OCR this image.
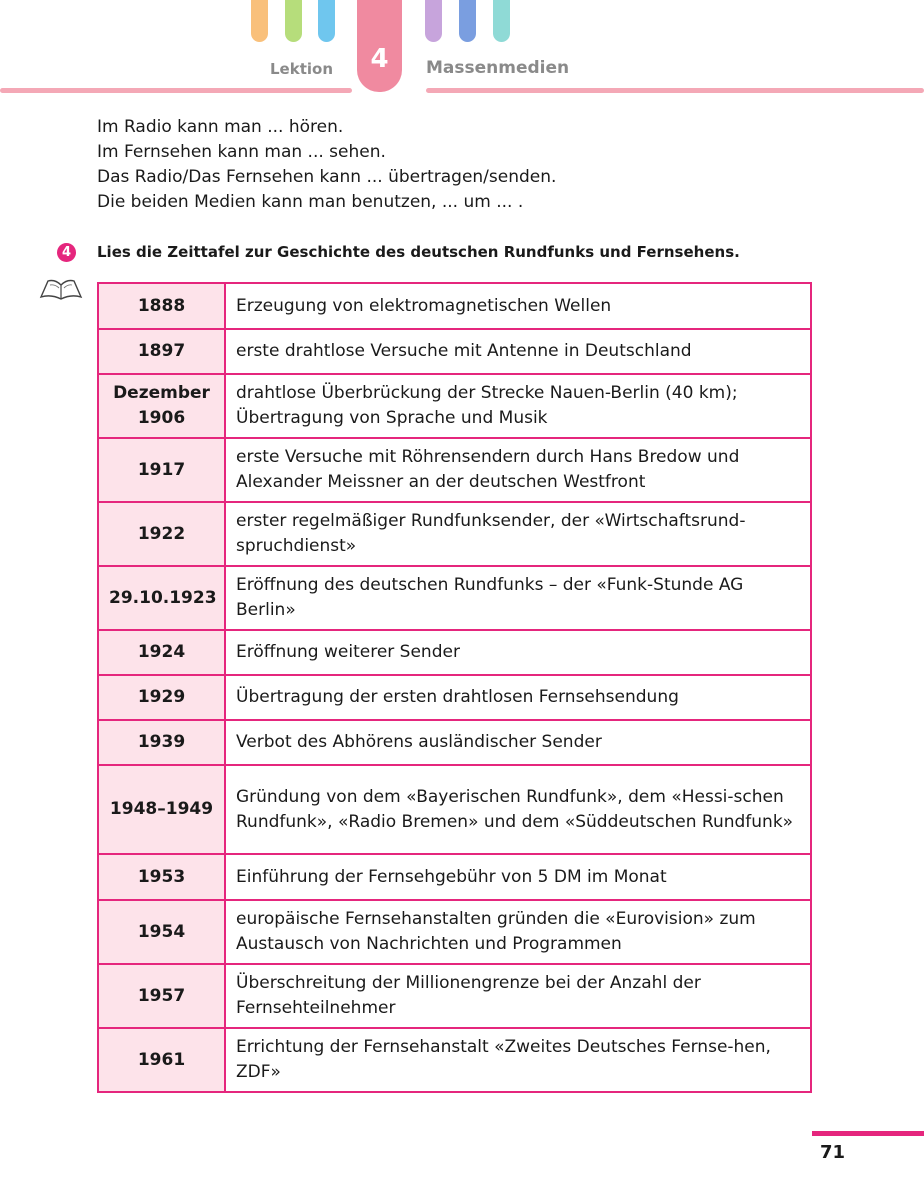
4
Lektion	Massenmedien
Im Radio kann man ... hören.
Im Fernsehen kann man ... sehen.
Das Radio/Das Fernsehen kann ... übertragen/senden.
Die beiden Medien kann man benutzen, ... um ... .
4	Lies die Zeittafel zur Geschichte des deutschen Rundfunks und Fernsehens.
1888	Erzeugung von elektromagnetischen Wellen
1897	erste drahtlose Versuche mit Antenne in Deutschland
Dezember 1906	drahtlose Überbrückung der Strecke Nauen-Berlin (40 km); Übertragung von Sprache und Musik
1917	erste Versuche mit Röhrensendern durch Hans Bredow und Alexander Meissner an der deutschen Westfront
1922	erster regelmäßiger Rundfunksender, der «Wirtschaftsrund-spruchdienst»
29.10.1923	Eröffnung des deutschen Rundfunks – der «Funk-Stunde AG Berlin»
1924	Eröffnung weiterer Sender
1929	Übertragung der ersten drahtlosen Fernsehsendung
1939	Verbot des Abhörens ausländischer Sender
1948–1949	Gründung von dem «Bayerischen Rundfunk», dem «Hessi-schen Rundfunk», «Radio Bremen» und dem «Süddeutschen Rundfunk»
1953	Einführung der Fernsehgebühr von 5 DM im Monat
1954	europäische Fernsehanstalten gründen die «Eurovision» zum Austausch von Nachrichten und Programmen
1957	Überschreitung der Millionengrenze bei der Anzahl der Fernsehteilnehmer
1961	Errichtung der Fernsehanstalt «Zweites Deutsches Fernse-hen, ZDF»
71
